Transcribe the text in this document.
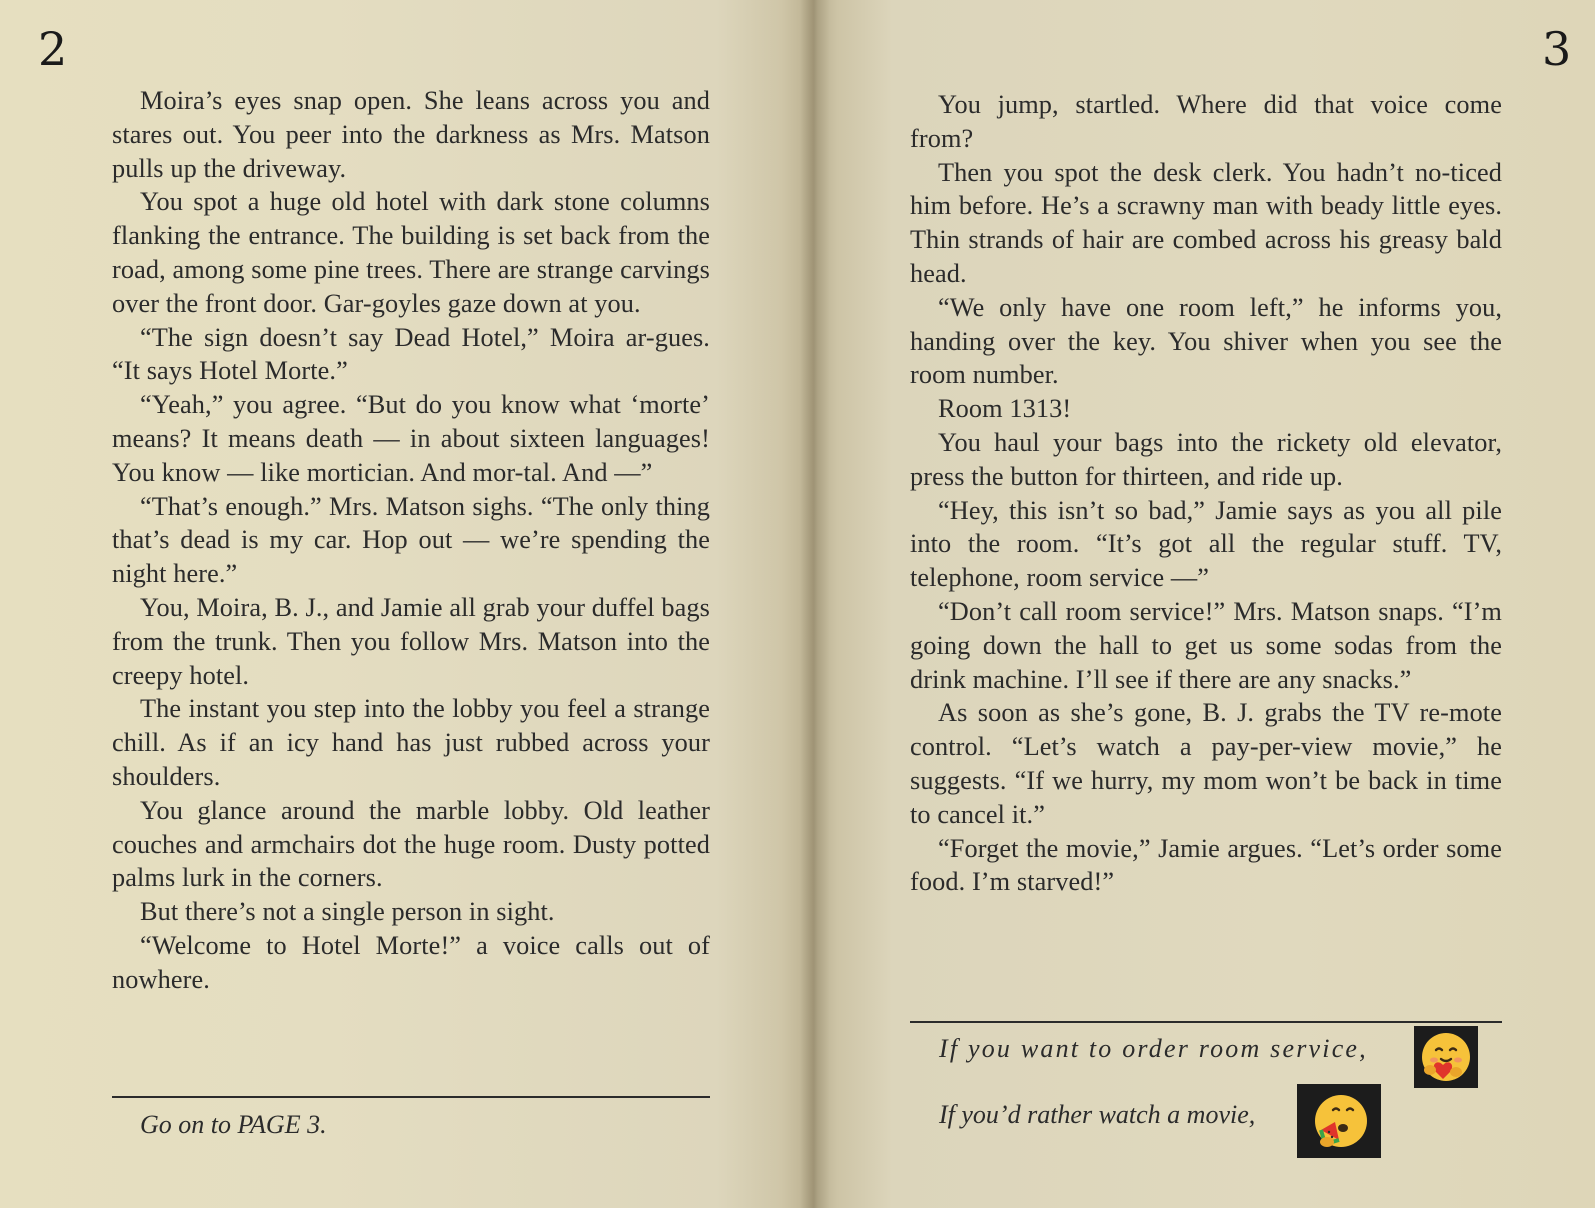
2

Moira’s eyes snap open. She leans across you and stares out. You peer into the darkness as Mrs. Matson pulls up the driveway.

You spot a huge old hotel with dark stone columns flanking the entrance. The building is set back from the road, among some pine trees. There are strange carvings over the front door. Gar-goyles gaze down at you.

“The sign doesn’t say Dead Hotel,” Moira ar-gues. “It says Hotel Morte.”

“Yeah,” you agree. “But do you know what ‘morte’ means? It means death — in about sixteen languages! You know — like mortician. And mor-tal. And —”

“That’s enough.” Mrs. Matson sighs. “The only thing that’s dead is my car. Hop out — we’re spending the night here.”

You, Moira, B. J., and Jamie all grab your duffel bags from the trunk. Then you follow Mrs. Matson into the creepy hotel.

The instant you step into the lobby you feel a strange chill. As if an icy hand has just rubbed across your shoulders.

You glance around the marble lobby. Old leather couches and armchairs dot the huge room. Dusty potted palms lurk in the corners.

But there’s not a single person in sight.

“Welcome to Hotel Morte!” a voice calls out of nowhere.

Go on to PAGE 3.
3

You jump, startled. Where did that voice come from?

Then you spot the desk clerk. You hadn’t no-ticed him before. He’s a scrawny man with beady little eyes. Thin strands of hair are combed across his greasy bald head.

“We only have one room left,” he informs you, handing over the key. You shiver when you see the room number.

Room 1313!

You haul your bags into the rickety old elevator, press the button for thirteen, and ride up.

“Hey, this isn’t so bad,” Jamie says as you all pile into the room. “It’s got all the regular stuff. TV, telephone, room service —”

“Don’t call room service!” Mrs. Matson snaps. “I’m going down the hall to get us some sodas from the drink machine. I’ll see if there are any snacks.”

As soon as she’s gone, B. J. grabs the TV re-mote control. “Let’s watch a pay-per-view movie,” he suggests. “If we hurry, my mom won’t be back in time to cancel it.”

“Forget the movie,” Jamie argues. “Let’s order some food. I’m starved!”

If you want to order room service,
If you’d rather watch a movie,
